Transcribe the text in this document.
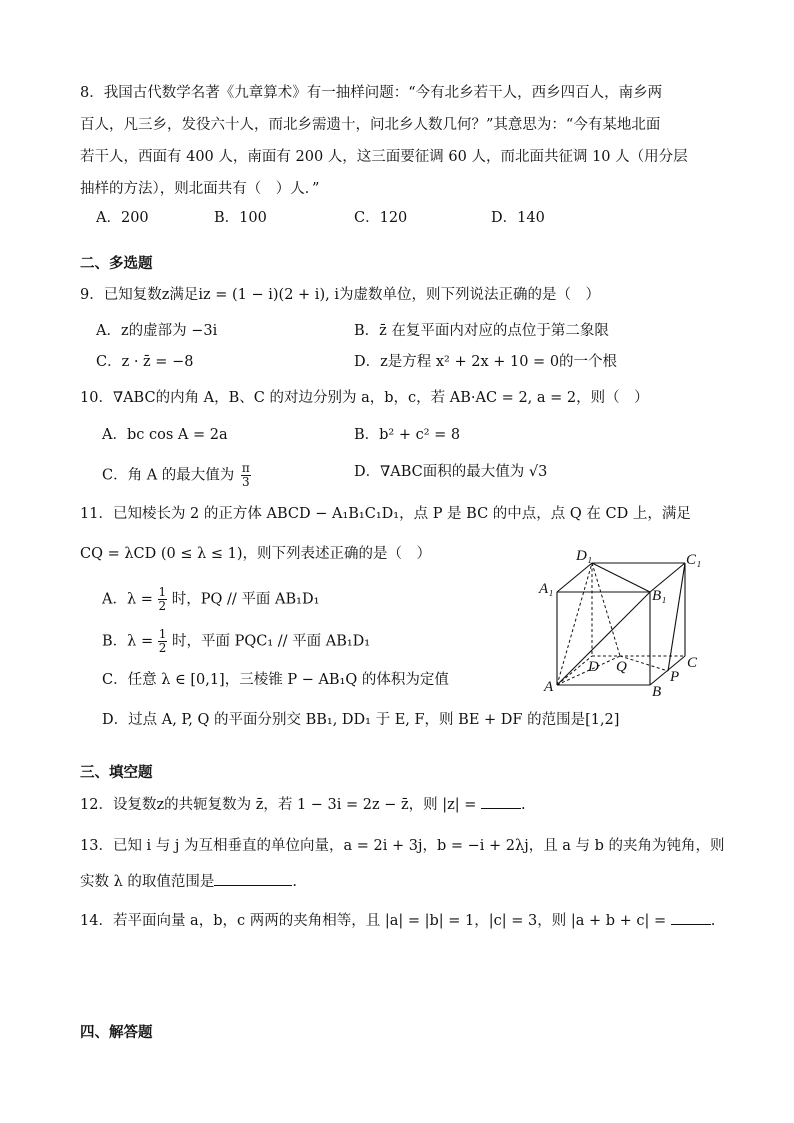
8．我国古代数学名著《九章算术》有一抽样问题：“今有北乡若干人，西乡四百人，南乡两
百人，凡三乡，发役六十人，而北乡需遗十，问北乡人数几何？”其意思为：“今有某地北面
若干人，西面有 400 人，南面有 200 人，这三面要征调 60 人，而北面共征调 10 人（用分层
抽样的方法），则北面共有（　）人．”
A．200	B．100	C．120	D．140
二、多选题
9．已知复数z满足iz = (1 − i)(2 + i), i为虚数单位，则下列说法正确的是（　）
A．z的虚部为 −3i	B．z̄ 在复平面内对应的点位于第二象限
C．z · z̄ = −8	D．z是方程 x² + 2x + 10 = 0的一个根
10．∇ABC的内角 A，B、C 的对边分别为 a，b，c，若 AB·AC = 2, a = 2，则（　）
A．bc cos A = 2a	B．b² + c² = 8
C．角 A 的最大值为 $\frac{\pi}{3}$	D．∇ABC面积的最大值为 √3
11．已知棱长为 2 的正方体 ABCD − A₁B₁C₁D₁，点 P 是 BC 的中点，点 Q 在 CD 上，满足
CQ = λCD (0 ≤ λ ≤ 1)，则下列表述正确的是（　）
A．$\lambda = \frac{1}{2}$ 时，PQ // 平面 AB₁D₁
B．$\lambda = \frac{1}{2}$ 时，平面 PQC₁ // 平面 AB₁D₁
C．任意 λ ∈ [0,1]，三棱锥 P − AB₁Q 的体积为定值
D．过点 A, P, Q 的平面分别交 BB₁, DD₁ 于 E, F，则 BE + DF 的范围是[1,2]
D₁	C₁
A₁	B₁
D Q	C
A
P
B
三、填空题
12．设复数z的共轭复数为 z̄，若 1 − 3i = 2z − z̄，则 |z| =	.
13．已知 i 与 j 为互相垂直的单位向量，a = 2i + 3j，b = −i + 2λj，且 a 与 b 的夹角为钝角，则
实数 λ 的取值范围是	.
14．若平面向量 a，b，c 两两的夹角相等，且 |a| = |b| = 1，|c| = 3，则 |a + b + c| =	.
四、解答题
